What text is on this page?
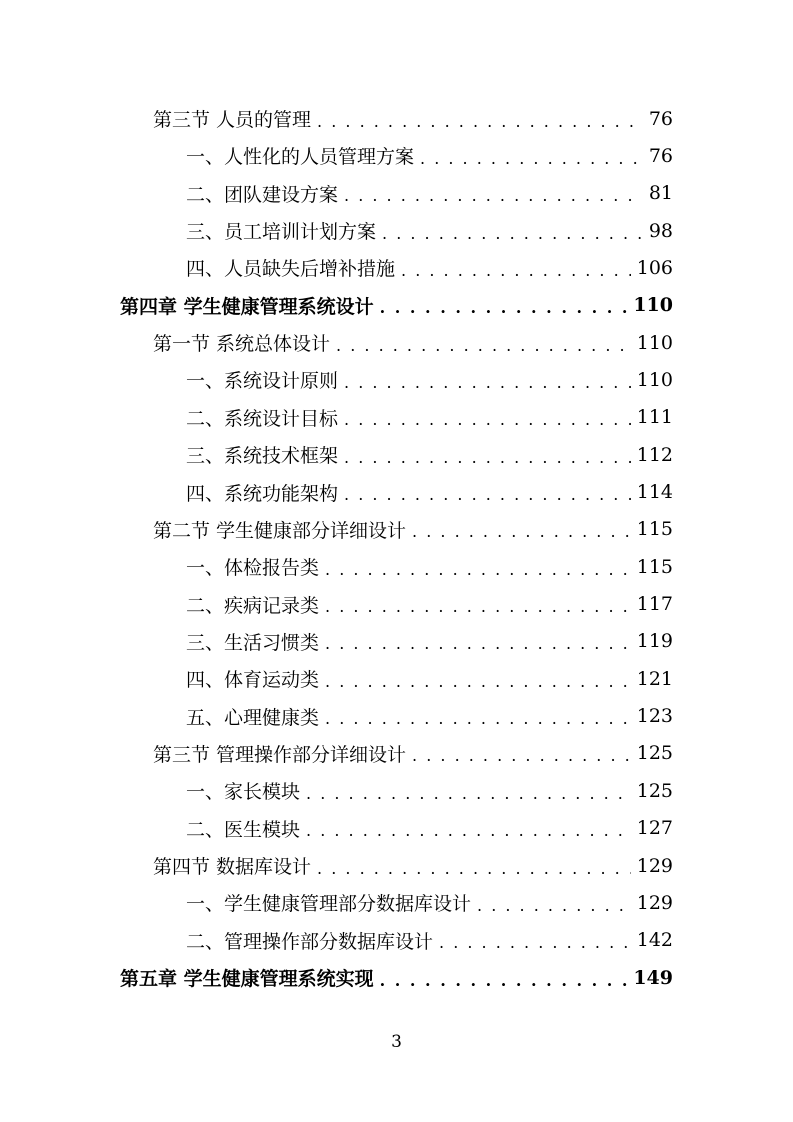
第三节 人员的管理 . . .	76
一、人性化的人员管理方案 . . .	76
二、团队建设方案 . . .	81
三、员工培训计划方案 . . .	98
四、人员缺失后增补措施 . . .	106
第四章 学生健康管理系统设计 . . .	110
第一节 系统总体设计 . . .	110
一、系统设计原则 . . .	110
二、系统设计目标 . . .	111
三、系统技术框架 . . .	112
四、系统功能架构 . . .	114
第二节 学生健康部分详细设计 . . .	115
一、体检报告类 . . .	115
二、疾病记录类 . . .	117
三、生活习惯类 . . .	119
四、体育运动类 . . .	121
五、心理健康类 . . .	123
第三节 管理操作部分详细设计 . . .	125
一、家长模块 . . .	125
二、医生模块 . . .	127
第四节 数据库设计 . . .	129
一、学生健康管理部分数据库设计 . . .	129
二、管理操作部分数据库设计 . . .	142
第五章 学生健康管理系统实现 . . .	149
3
